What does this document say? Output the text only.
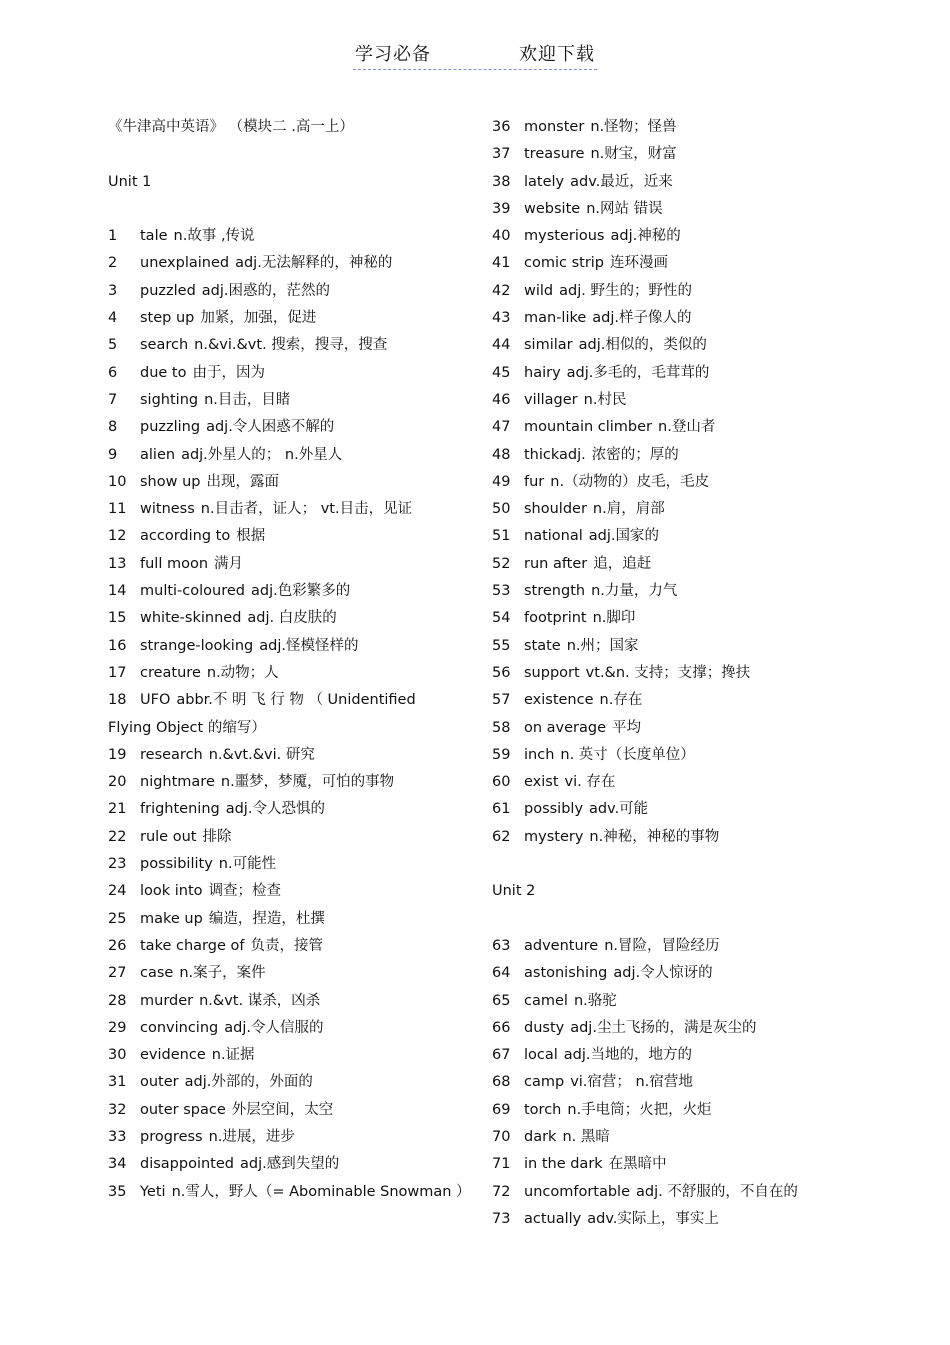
学习必备	欢迎下载
《牛津高中英语》 （模块二 .高一上）
Unit 1
1 tale n.故事 ,传说
2 unexplained adj.无法解释的，神秘的
3 puzzled adj.困惑的，茫然的
4 step up 加紧，加强，促进
5 search n.&vi.&vt. 搜索，搜寻，搜查
6 due to 由于，因为
7 sighting n.目击，目睹
8 puzzling adj.令人困惑不解的
9 alien adj.外星人的； n.外星人
10 show up 出现，露面
11 witness n.目击者，证人； vt.目击，见证
12 according to 根据
13 full moon 满月
14 multi-coloured adj.色彩繁多的
15 white-skinned adj. 白皮肤的
16 strange-looking adj.怪模怪样的
17 creature n.动物；人
18 UFO abbr.不 明 飞 行 物 （ Unidentified
Flying Object 的缩写）
19 research n.&vt.&vi. 研究
20 nightmare n.噩梦，梦魇，可怕的事物
21 frightening adj.令人恐惧的
22 rule out 排除
23 possibility n.可能性
24 look into 调查；检查
25 make up 编造，捏造，杜撰
26 take charge of 负责，接管
27 case n.案子，案件
28 murder n.&vt. 谋杀，凶杀
29 convincing adj.令人信服的
30 evidence n.证据
31 outer adj.外部的，外面的
32 outer space 外层空间，太空
33 progress n.进展，进步
34 disappointed adj.感到失望的
35 Yeti n.雪人，野人（= Abominable Snowman ）
36 monster n.怪物；怪兽
37 treasure n.财宝，财富
38 lately adv.最近，近来
39 website n.网站 错误
40 mysterious adj.神秘的
41 comic strip 连环漫画
42 wild adj. 野生的；野性的
43 man-like adj.样子像人的
44 similar adj.相似的，类似的
45 hairy adj.多毛的，毛茸茸的
46 villager n.村民
47 mountain climber n.登山者
48 thickadj. 浓密的；厚的
49 fur n.（动物的）皮毛，毛皮
50 shoulder n.肩，肩部
51 national adj.国家的
52 run after 追，追赶
53 strength n.力量，力气
54 footprint n.脚印
55 state n.州；国家
56 support vt.&n. 支持；支撑；搀扶
57 existence n.存在
58 on average 平均
59 inch n. 英寸（长度单位）
60 exist vi. 存在
61 possibly adv.可能
62 mystery n.神秘，神秘的事物
Unit 2
63 adventure n.冒险，冒险经历
64 astonishing adj.令人惊讶的
65 camel n.骆驼
66 dusty adj.尘土飞扬的，满是灰尘的
67 local adj.当地的，地方的
68 camp vi.宿营； n.宿营地
69 torch n.手电筒；火把，火炬
70 dark n. 黑暗
71 in the dark 在黑暗中
72 uncomfortable adj. 不舒服的，不自在的
73 actually adv.实际上，事实上
